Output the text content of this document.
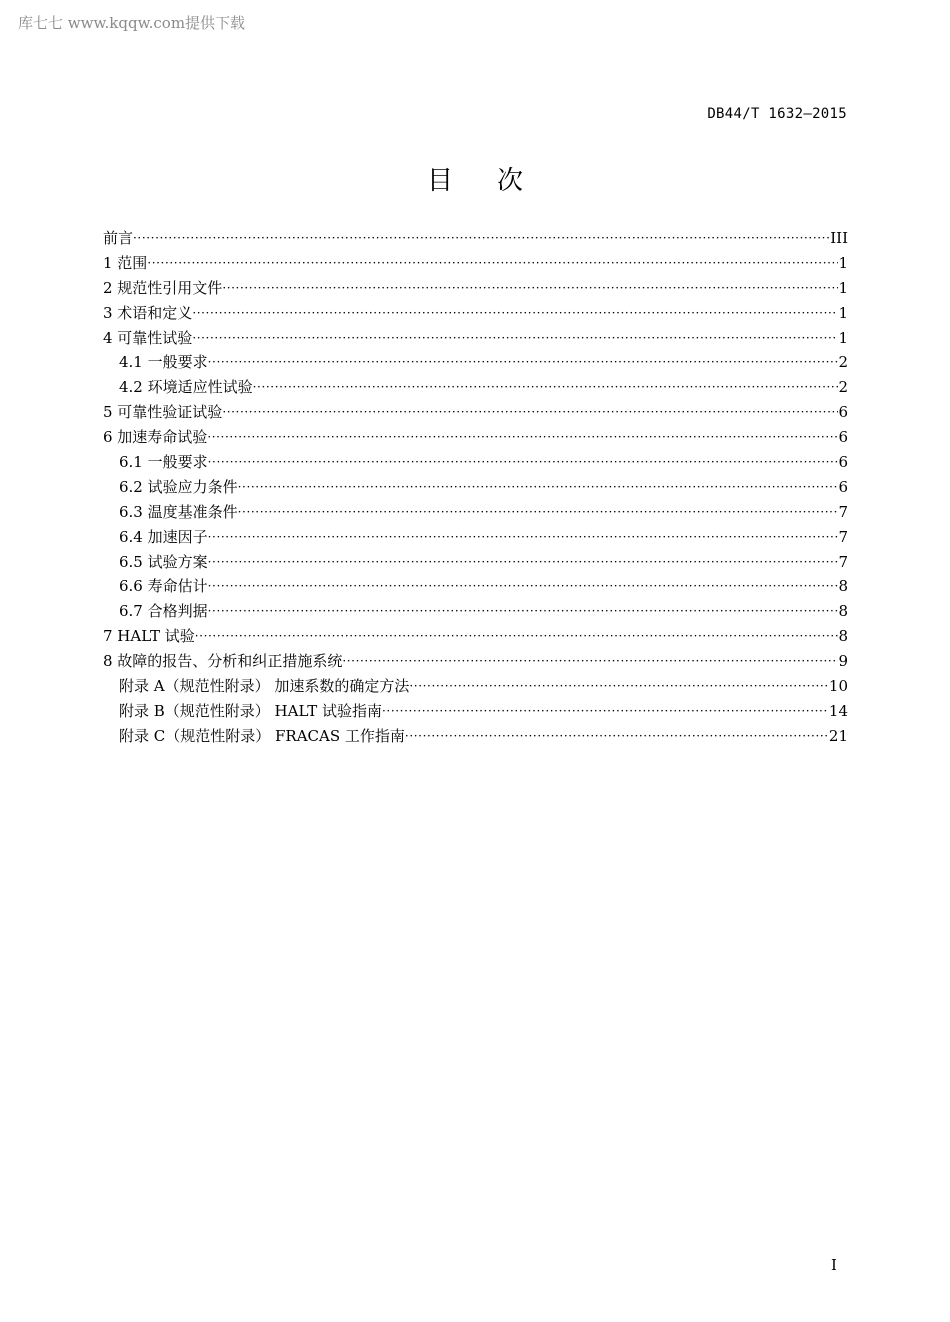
库七七 www.kqqw.com提供下载
DB44/T 1632—2015
目次
前言 ·····	III
1 范围 ·····	1
2 规范性引用文件 ·····	1
3 术语和定义 ·····	1
4 可靠性试验 ·····	1
4.1 一般要求 ·····	2
4.2 环境适应性试验 ·····	2
5 可靠性验证试验 ·····	6
6 加速寿命试验 ·····	6
6.1 一般要求 ·····	6
6.2 试验应力条件 ·····	6
6.3 温度基准条件 ·····	7
6.4 加速因子 ·····	7
6.5 试验方案 ·····	7
6.6 寿命估计 ·····	8
6.7 合格判据 ·····	8
7 HALT 试验 ·····	8
8 故障的报告、分析和纠正措施系统 ·····	9
附录 A（规范性附录） 加速系数的确定方法 ·····	10
附录 B（规范性附录） HALT 试验指南 ·····	14
附录 C（规范性附录） FRACAS 工作指南 ·····	21
I
